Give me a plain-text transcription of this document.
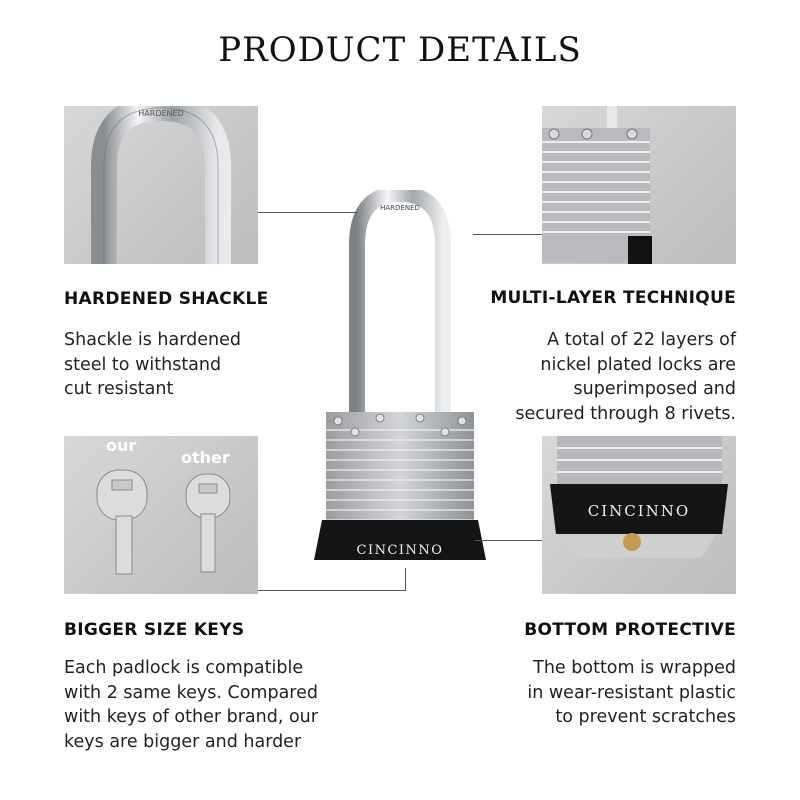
PRODUCT DETAILS
HARDENED
our
other
CINCINNO
HARDENED
CINCINNO
HARDENED SHACKLE
Shackle is hardened
steel to withstand
cut resistant
MULTI-LAYER TECHNIQUE
A total of 22 layers of
nickel plated locks are
superimposed and
secured through 8 rivets.
BIGGER SIZE KEYS
Each padlock is compatible
with 2 same keys. Compared
with keys of other brand, our
keys are bigger and harder
BOTTOM PROTECTIVE
The bottom is wrapped
in wear-resistant plastic
to prevent scratches
